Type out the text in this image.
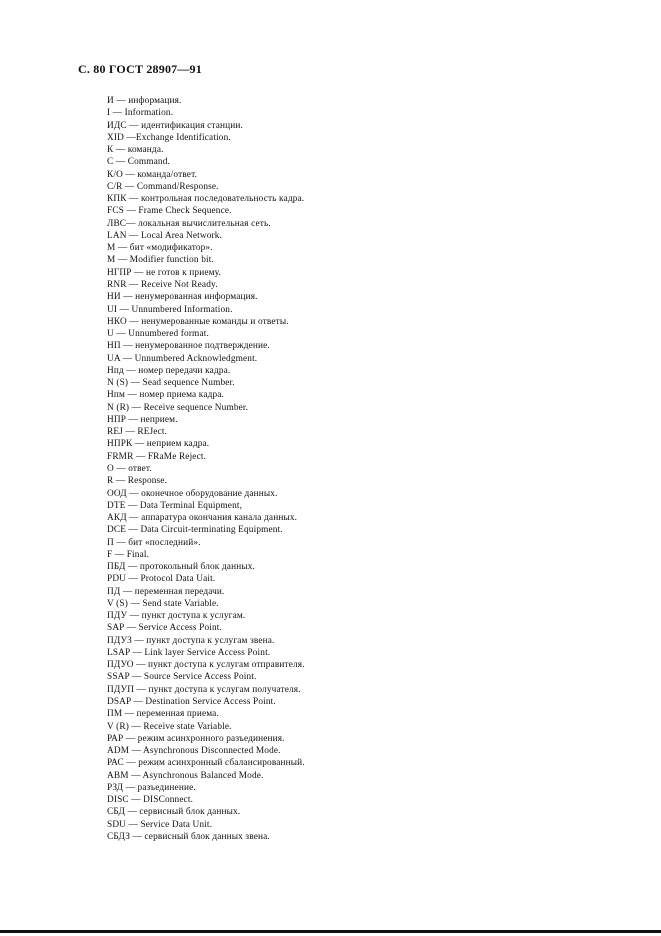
С. 80 ГОСТ 28907—91
И — информация.
I — Information.
ИДС — идентификация станции.
XID —Exchange Identification.
К — команда.
C — Command.
К/О — команда/ответ.
C/R — Command/Response.
КПК — контрольная последовательность кадра.
FCS — Frame Check Sequence.
ЛВС— локальная вычислительная сеть.
LAN — Local Area Network.
М — бит «модификатор».
М — Modifier function bit.
НГПР — не готов к приему.
RNR — Receive Not Ready.
НИ — ненумерованная информация.
UI — Unnumbered Information.
НКО — ненумерованные команды и ответы.
U — Unnumbered format.
НП — ненумерованное подтверждение.
UA — Unnumbered Acknowledgment.
Нпд — номер передачи кадра.
N (S) — Sead sequence Number.
Нпм — номер приема кадра.
N (R) — Receive sequence Number.
НПР — неприем.
REJ — REJect.
НПРК — неприем кадра.
FRMR — FRaMe Reject.
О — ответ.
R — Response.
ООД — оконечное оборудование данных.
DTE — Data Terminal Equipment,
АКД — аппаратура окончания канала данных.
DCE — Data Circuit-terminating Equipment.
П — бит «последний».
F — Final.
ПБД — протокольный блок данных.
PDU — Protocol Data Uait.
ПД — переменная передачи.
V (S) — Send state Variable.
ПДУ — пункт доступа к услугам.
SAP — Service Access Point.
ПДУЗ — пункт доступа к услугам звена.
LSAP — Link layer Service Access Point.
ПДУО — пункт доступа к услугам отправителя.
SSAP — Source Service Access Point.
ПДУП — пункт доступа к услугам получателя.
DSAP — Destination Service Access Point.
ПМ — переменная приема.
V (R) — Receive state Variable.
РАР — режим асинхронного разъединения.
ADM — Asynchronous Disconnected Mode.
РАС — режим асинхронный сбалансированный.
ABM — Asynchronous Balanced Mode.
РЗД — разъединение.
DISC — DISConnect.
СБД — сервисный блок данных.
SDU — Service Data Unit.
СБДЗ — сервисный блок данных звена.
